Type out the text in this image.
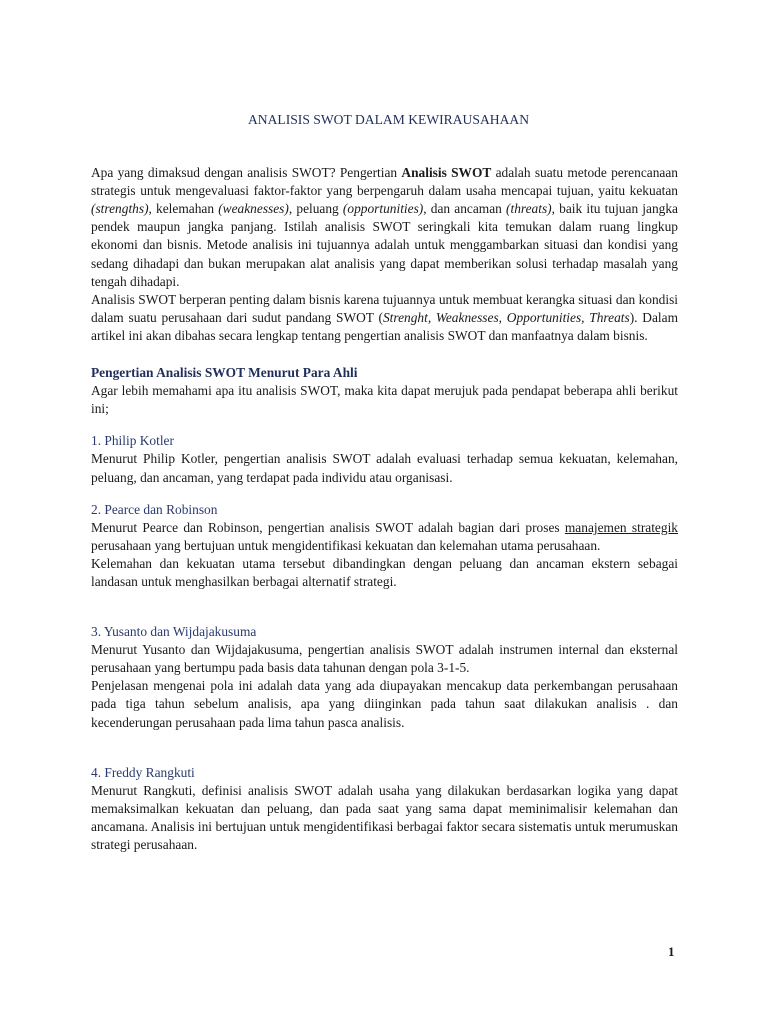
ANALISIS SWOT DALAM KEWIRAUSAHAAN

Apa yang dimaksud dengan analisis SWOT? Pengertian Analisis SWOT adalah suatu metode perencanaan strategis untuk mengevaluasi faktor-faktor yang berpengaruh dalam usaha mencapai tujuan, yaitu kekuatan (strengths), kelemahan (weaknesses), peluang (opportunities), dan ancaman (threats), baik itu tujuan jangka pendek maupun jangka panjang. Istilah analisis SWOT seringkali kita temukan dalam ruang lingkup ekonomi dan bisnis. Metode analisis ini tujuannya adalah untuk menggambarkan situasi dan kondisi yang sedang dihadapi dan bukan merupakan alat analisis yang dapat memberikan solusi terhadap masalah yang tengah dihadapi.

Analisis SWOT berperan penting dalam bisnis karena tujuannya untuk membuat kerangka situasi dan kondisi dalam suatu perusahaan dari sudut pandang SWOT (Strenght, Weaknesses, Opportunities, Threats). Dalam artikel ini akan dibahas secara lengkap tentang pengertian analisis SWOT dan manfaatnya dalam bisnis.

Pengertian Analisis SWOT Menurut Para Ahli

Agar lebih memahami apa itu analisis SWOT, maka kita dapat merujuk pada pendapat beberapa ahli berikut ini;

1. Philip Kotler

Menurut Philip Kotler, pengertian analisis SWOT adalah evaluasi terhadap semua kekuatan, kelemahan, peluang, dan ancaman, yang terdapat pada individu atau organisasi.

2. Pearce dan Robinson

Menurut Pearce dan Robinson, pengertian analisis SWOT adalah bagian dari proses manajemen strategik perusahaan yang bertujuan untuk mengidentifikasi kekuatan dan kelemahan utama perusahaan.

Kelemahan dan kekuatan utama tersebut dibandingkan dengan peluang dan ancaman ekstern sebagai landasan untuk menghasilkan berbagai alternatif strategi.

3. Yusanto dan Wijdajakusuma

Menurut Yusanto dan Wijdajakusuma, pengertian analisis SWOT adalah instrumen internal dan eksternal perusahaan yang bertumpu pada basis data tahunan dengan pola 3-1-5.

Penjelasan mengenai pola ini adalah data yang ada diupayakan mencakup data perkembangan perusahaan pada tiga tahun sebelum analisis, apa yang diinginkan pada tahun saat dilakukan analisis . dan kecenderungan perusahaan pada lima tahun pasca analisis.

4. Freddy Rangkuti

Menurut Rangkuti, definisi analisis SWOT adalah usaha yang dilakukan berdasarkan logika yang dapat memaksimalkan kekuatan dan peluang, dan pada saat yang sama dapat meminimalisir kelemahan dan ancamana. Analisis ini bertujuan untuk mengidentifikasi berbagai faktor secara sistematis untuk merumuskan strategi perusahaan.

1
